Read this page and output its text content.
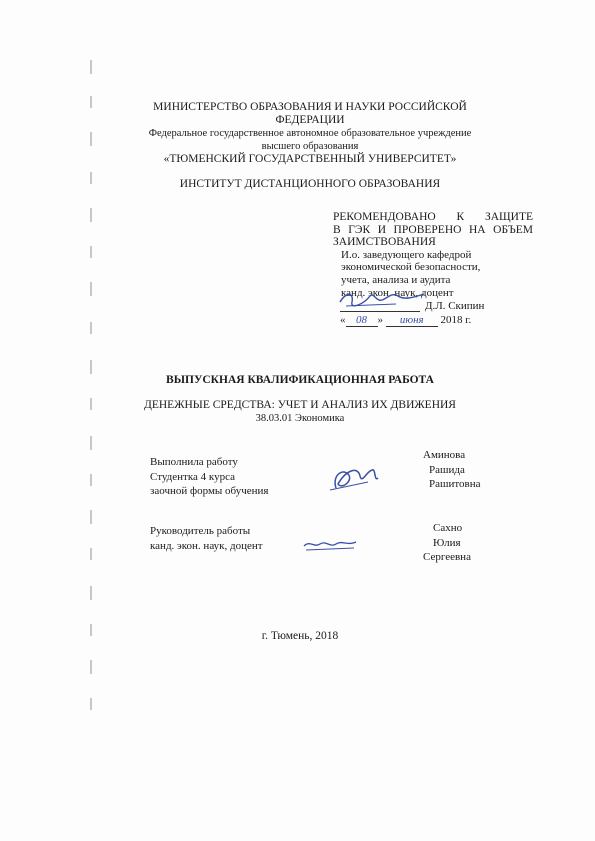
МИНИСТЕРСТВО ОБРАЗОВАНИЯ И НАУКИ РОССИЙСКОЙ
ФЕДЕРАЦИИ
Федеральное государственное автономное образовательное учреждение
высшего образования
«ТЮМЕНСКИЙ ГОСУДАРСТВЕННЫЙ УНИВЕРСИТЕТ»
ИНСТИТУТ ДИСТАНЦИОННОГО ОБРАЗОВАНИЯ
РЕКОМЕНДОВАНО К ЗАЩИТЕ
В ГЭК И ПРОВЕРЕНО НА ОБЪЕМ
ЗАИМСТВОВАНИЯ
И.о. заведующего кафедрой
экономической безопасности,
учета, анализа и аудита
канд. экон. наук, доцент
Д.Л. Скипин
« 08 » июня 2018 г.
ВЫПУСКНАЯ КВАЛИФИКАЦИОННАЯ РАБОТА
ДЕНЕЖНЫЕ СРЕДСТВА: УЧЕТ И АНАЛИЗ ИХ ДВИЖЕНИЯ
38.03.01 Экономика
Выполнила работу
Студентка 4 курса
заочной формы обучения
Аминова
Рашида
Рашитовна
Руководитель работы
канд. экон. наук, доцент
Сахно
Юлия
Сергеевна
г. Тюмень, 2018
